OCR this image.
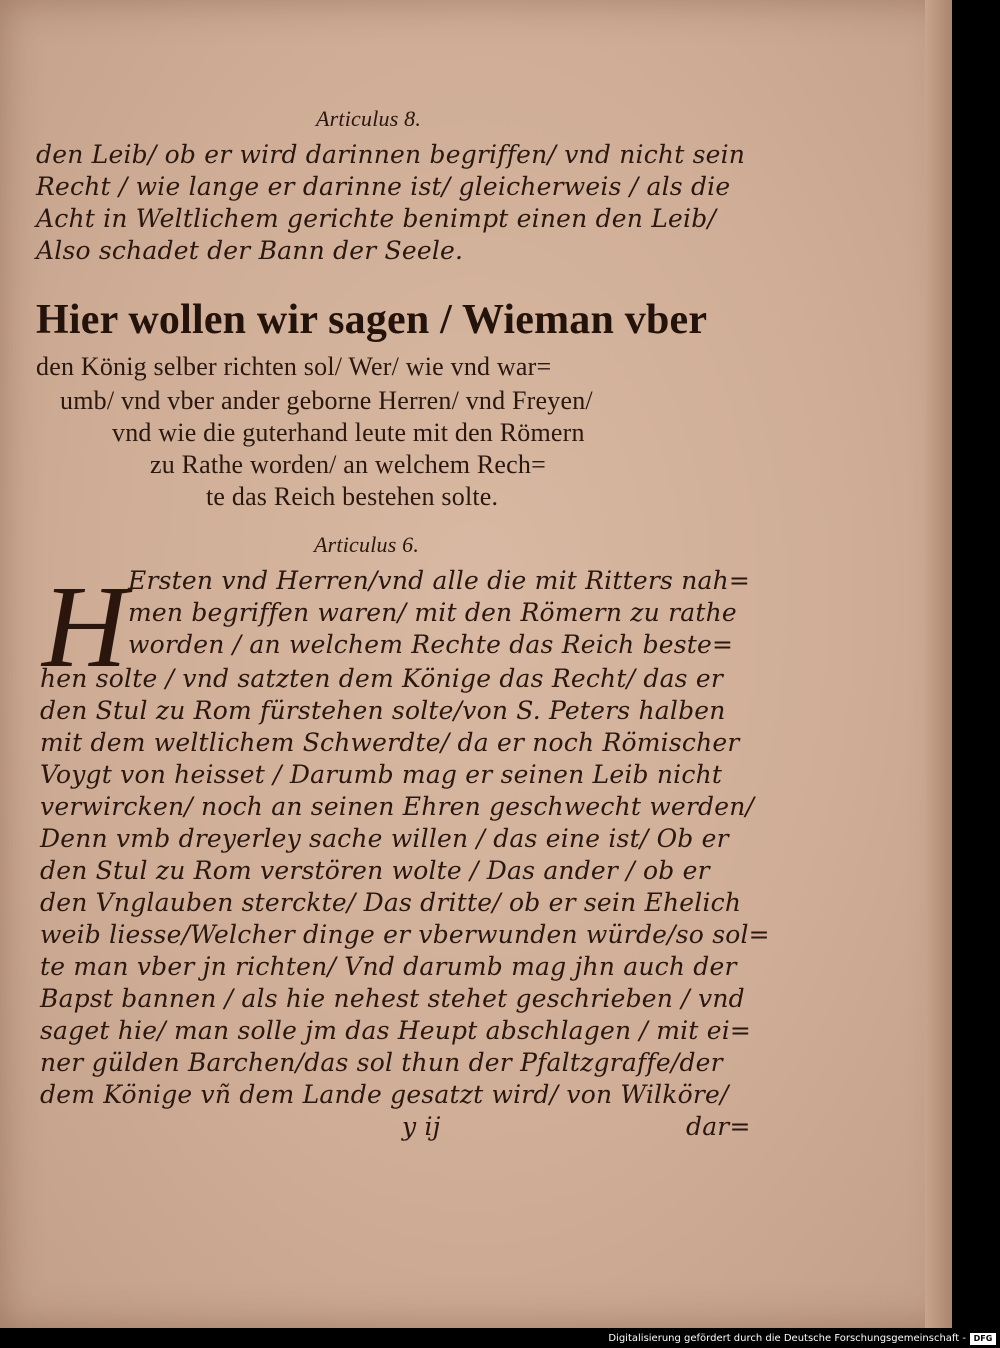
Articulus 8.
den Leib/ ob er wird darinnen begriffen/ vnd nicht sein
Recht / wie lange er darinne ist/ gleicherweis / als die
Acht in Weltlichem gerichte benimpt einen den Leib/
Also schadet der Bann der Seele.
Hier wollen wir sagen / Wieman vber
den König selber richten sol/ Wer/ wie vnd war=
umb/ vnd vber ander geborne Herren/ vnd Freyen/
vnd wie die guterhand leute mit den Römern
zu Rathe worden/ an welchem Rech=
te das Reich bestehen solte.
Articulus 6.
H Ersten vnd Herren/vnd alle die mit Ritters nah=
men begriffen waren/ mit den Römern zu rathe
worden / an welchem Rechte das Reich beste=
hen solte / vnd satzten dem Könige das Recht/ das er
den Stul zu Rom fürstehen solte/von S. Peters halben
mit dem weltlichem Schwerdte/ da er noch Römischer
Voygt von heisset / Darumb mag er seinen Leib nicht
verwircken/ noch an seinen Ehren geschwecht werden/
Denn vmb dreyerley sache willen / das eine ist/ Ob er
den Stul zu Rom verstören wolte / Das ander / ob er
den Vnglauben sterckte/ Das dritte/ ob er sein Ehelich
weib liesse/Welcher dinge er vberwunden würde/so sol=
te man vber jn richten/ Vnd darumb mag jhn auch der
Bapst bannen / als hie nehest stehet geschrieben / vnd
saget hie/ man solle jm das Heupt abschlagen / mit ei=
ner gülden Barchen/das sol thun der Pfaltzgraffe/der
dem Könige vñ dem Lande gesatzt wird/ von Wilköre/
y ij	dar=
Digitalisierung gefördert durch die Deutsche Forschungsgemeinschaft - DFG
